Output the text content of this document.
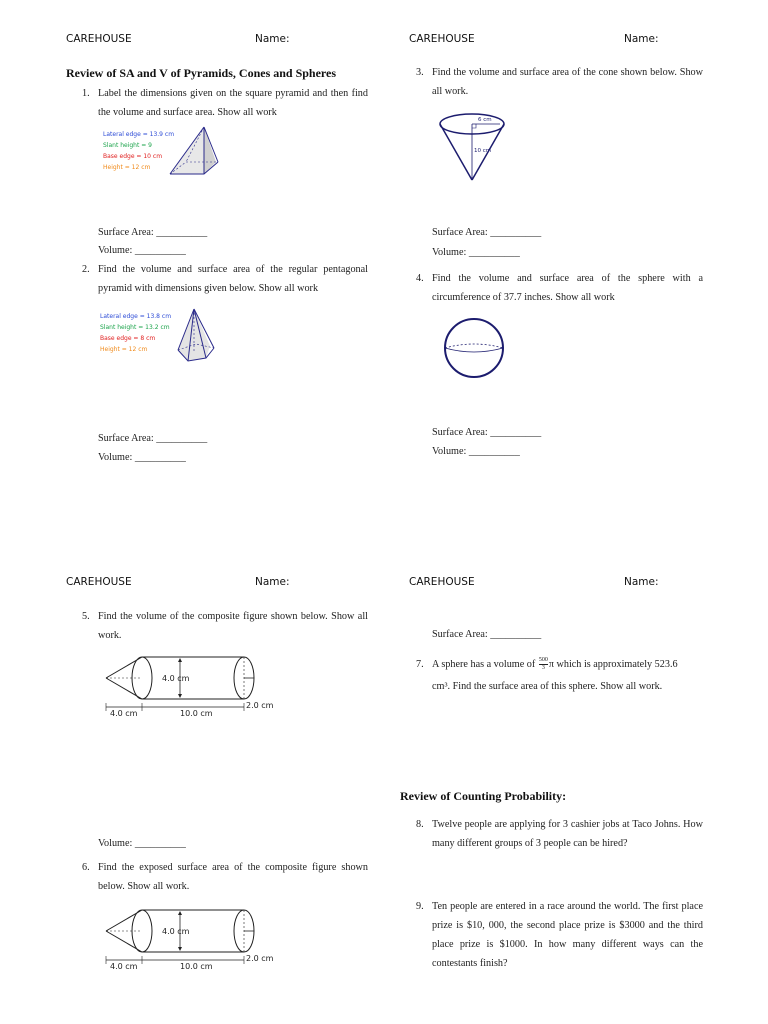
CAREHOUSE	Name:	CAREHOUSE	Name:
CAREHOUSE	Name:	CAREHOUSE	Name:
Review of SA and V of Pyramids, Cones and Spheres
1. Label the dimensions given on the square pyramid and then find the volume and surface area. Show all work
Lateral edge = 13.9 cm
Slant height = 9
Base edge = 10 cm
Height = 12 cm
Surface Area: __________
Volume: __________
2. Find the volume and surface area of the regular pentagonal pyramid with dimensions given below. Show all work
Lateral edge = 13.8 cm
Slant height = 13.2 cm
Base edge = 8 cm
Height = 12 cm
Surface Area: __________
Volume: __________
3. Find the volume and surface area of the cone shown below. Show all work.
6 cm
10 cm
Surface Area: __________
Volume: __________
4. Find the volume and surface area of the sphere with a circumference of 37.7 inches. Show all work
Surface Area: __________
Volume: __________
5. Find the volume of the composite figure shown below. Show all work.
4.0 cm
4.0 cm	10.0 cm
2.0 cm
Volume: __________
6. Find the exposed surface area of the composite figure shown below. Show all work.
4.0 cm
4.0 cm	10.0 cm
2.0 cm
Surface Area: __________
7. A sphere has a volume of $\frac{500}{3}$ π which is approximately 523.6
cm³. Find the surface area of this sphere. Show all work.
Review of Counting Probability:
8. Twelve people are applying for 3 cashier jobs at Taco Johns. How many different groups of 3 people can be hired?
9. Ten people are entered in a race around the world. The first place prize is $10, 000, the second place prize is $3000 and the third place prize is $1000. In how many different ways can the contestants finish?
